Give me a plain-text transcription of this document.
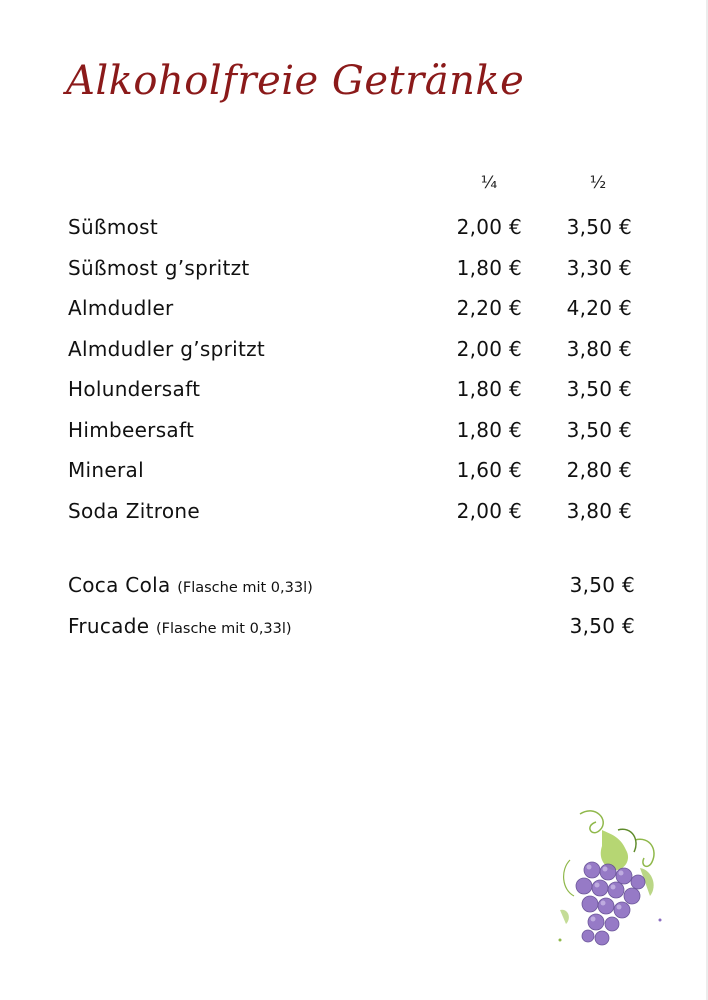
Alkoholfreie Getränke
¼	½
Süßmost	2,00 € 3,50 €
Süßmost g’spritzt	1,80 € 3,30 €
Almdudler	2,20 € 4,20 €
Almdudler g’spritzt	2,00 € 3,80 €
Holundersaft	1,80 € 3,50 €
Himbeersaft	1,80 € 3,50 €
Mineral	1,60 € 2,80 €
Soda Zitrone	2,00 € 3,80 €
Coca Cola (Flasche mit 0,33l)	3,50 €
Frucade (Flasche mit 0,33l)	3,50 €
